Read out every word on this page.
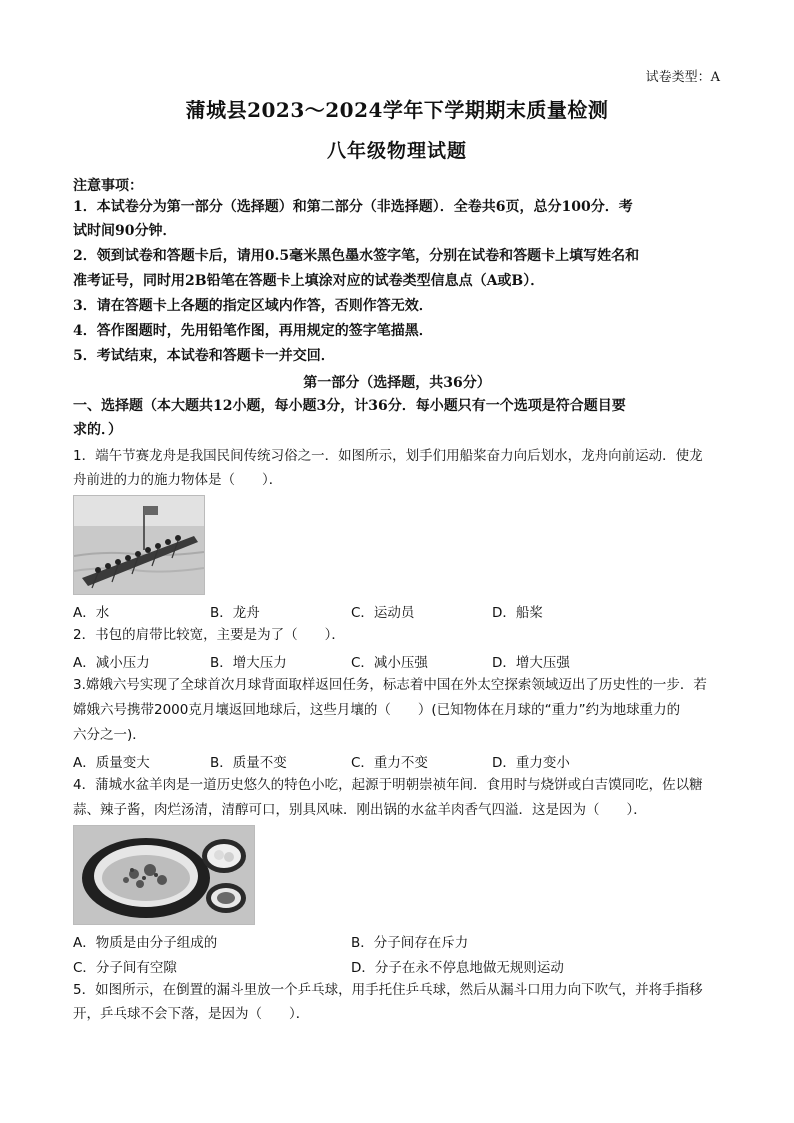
试卷类型：A
蒲城县2023～2024学年下学期期末质量检测
八年级物理试题
注意事项：
1．本试卷分为第一部分（选择题）和第二部分（非选择题）．全卷共6页，总分100分．考
试时间90分钟．
2．领到试卷和答题卡后，请用0.5毫米黑色墨水签字笔，分别在试卷和答题卡上填写姓名和
准考证号，同时用2B铅笔在答题卡上填涂对应的试卷类型信息点（A或B）．
3．请在答题卡上各题的指定区域内作答，否则作答无效．
4．答作图题时，先用铅笔作图，再用规定的签字笔描黑．
5．考试结束，本试卷和答题卡一并交回．
第一部分（选择题，共36分）
一、选择题（本大题共12小题，每小题3分，计36分．每小题只有一个选项是符合题目要
求的．）
1．端午节赛龙舟是我国民间传统习俗之一．如图所示，划手们用船桨奋力向后划水，龙舟向前运动．使龙
舟前进的力的施力物体是（　　）．
A．水	B．龙舟	C．运动员	D．船桨
2．书包的肩带比较宽，主要是为了（　　）．
A．减小压力	B．增大压力	C．减小压强	D．增大压强
3.嫦娥六号实现了全球首次月球背面取样返回任务，标志着中国在外太空探索领域迈出了历史性的一步．若
嫦娥六号携带2000克月壤返回地球后，这些月壤的（　　）(已知物体在月球的“重力”约为地球重力的
六分之一)．
A．质量变大	B．质量不变	C．重力不变	D．重力变小
4．蒲城水盆羊肉是一道历史悠久的特色小吃，起源于明朝崇祯年间．食用时与烧饼或白吉馍同吃，佐以糖
蒜、辣子酱，肉烂汤清，清醇可口，别具风味．刚出锅的水盆羊肉香气四溢．这是因为（　　）．
A．物质是由分子组成的	B．分子间存在斥力
C．分子间有空隙	D．分子在永不停息地做无规则运动
5．如图所示，在倒置的漏斗里放一个乒乓球，用手托住乒乓球，然后从漏斗口用力向下吹气，并将手指移
开，乒乓球不会下落，是因为（　　）．
